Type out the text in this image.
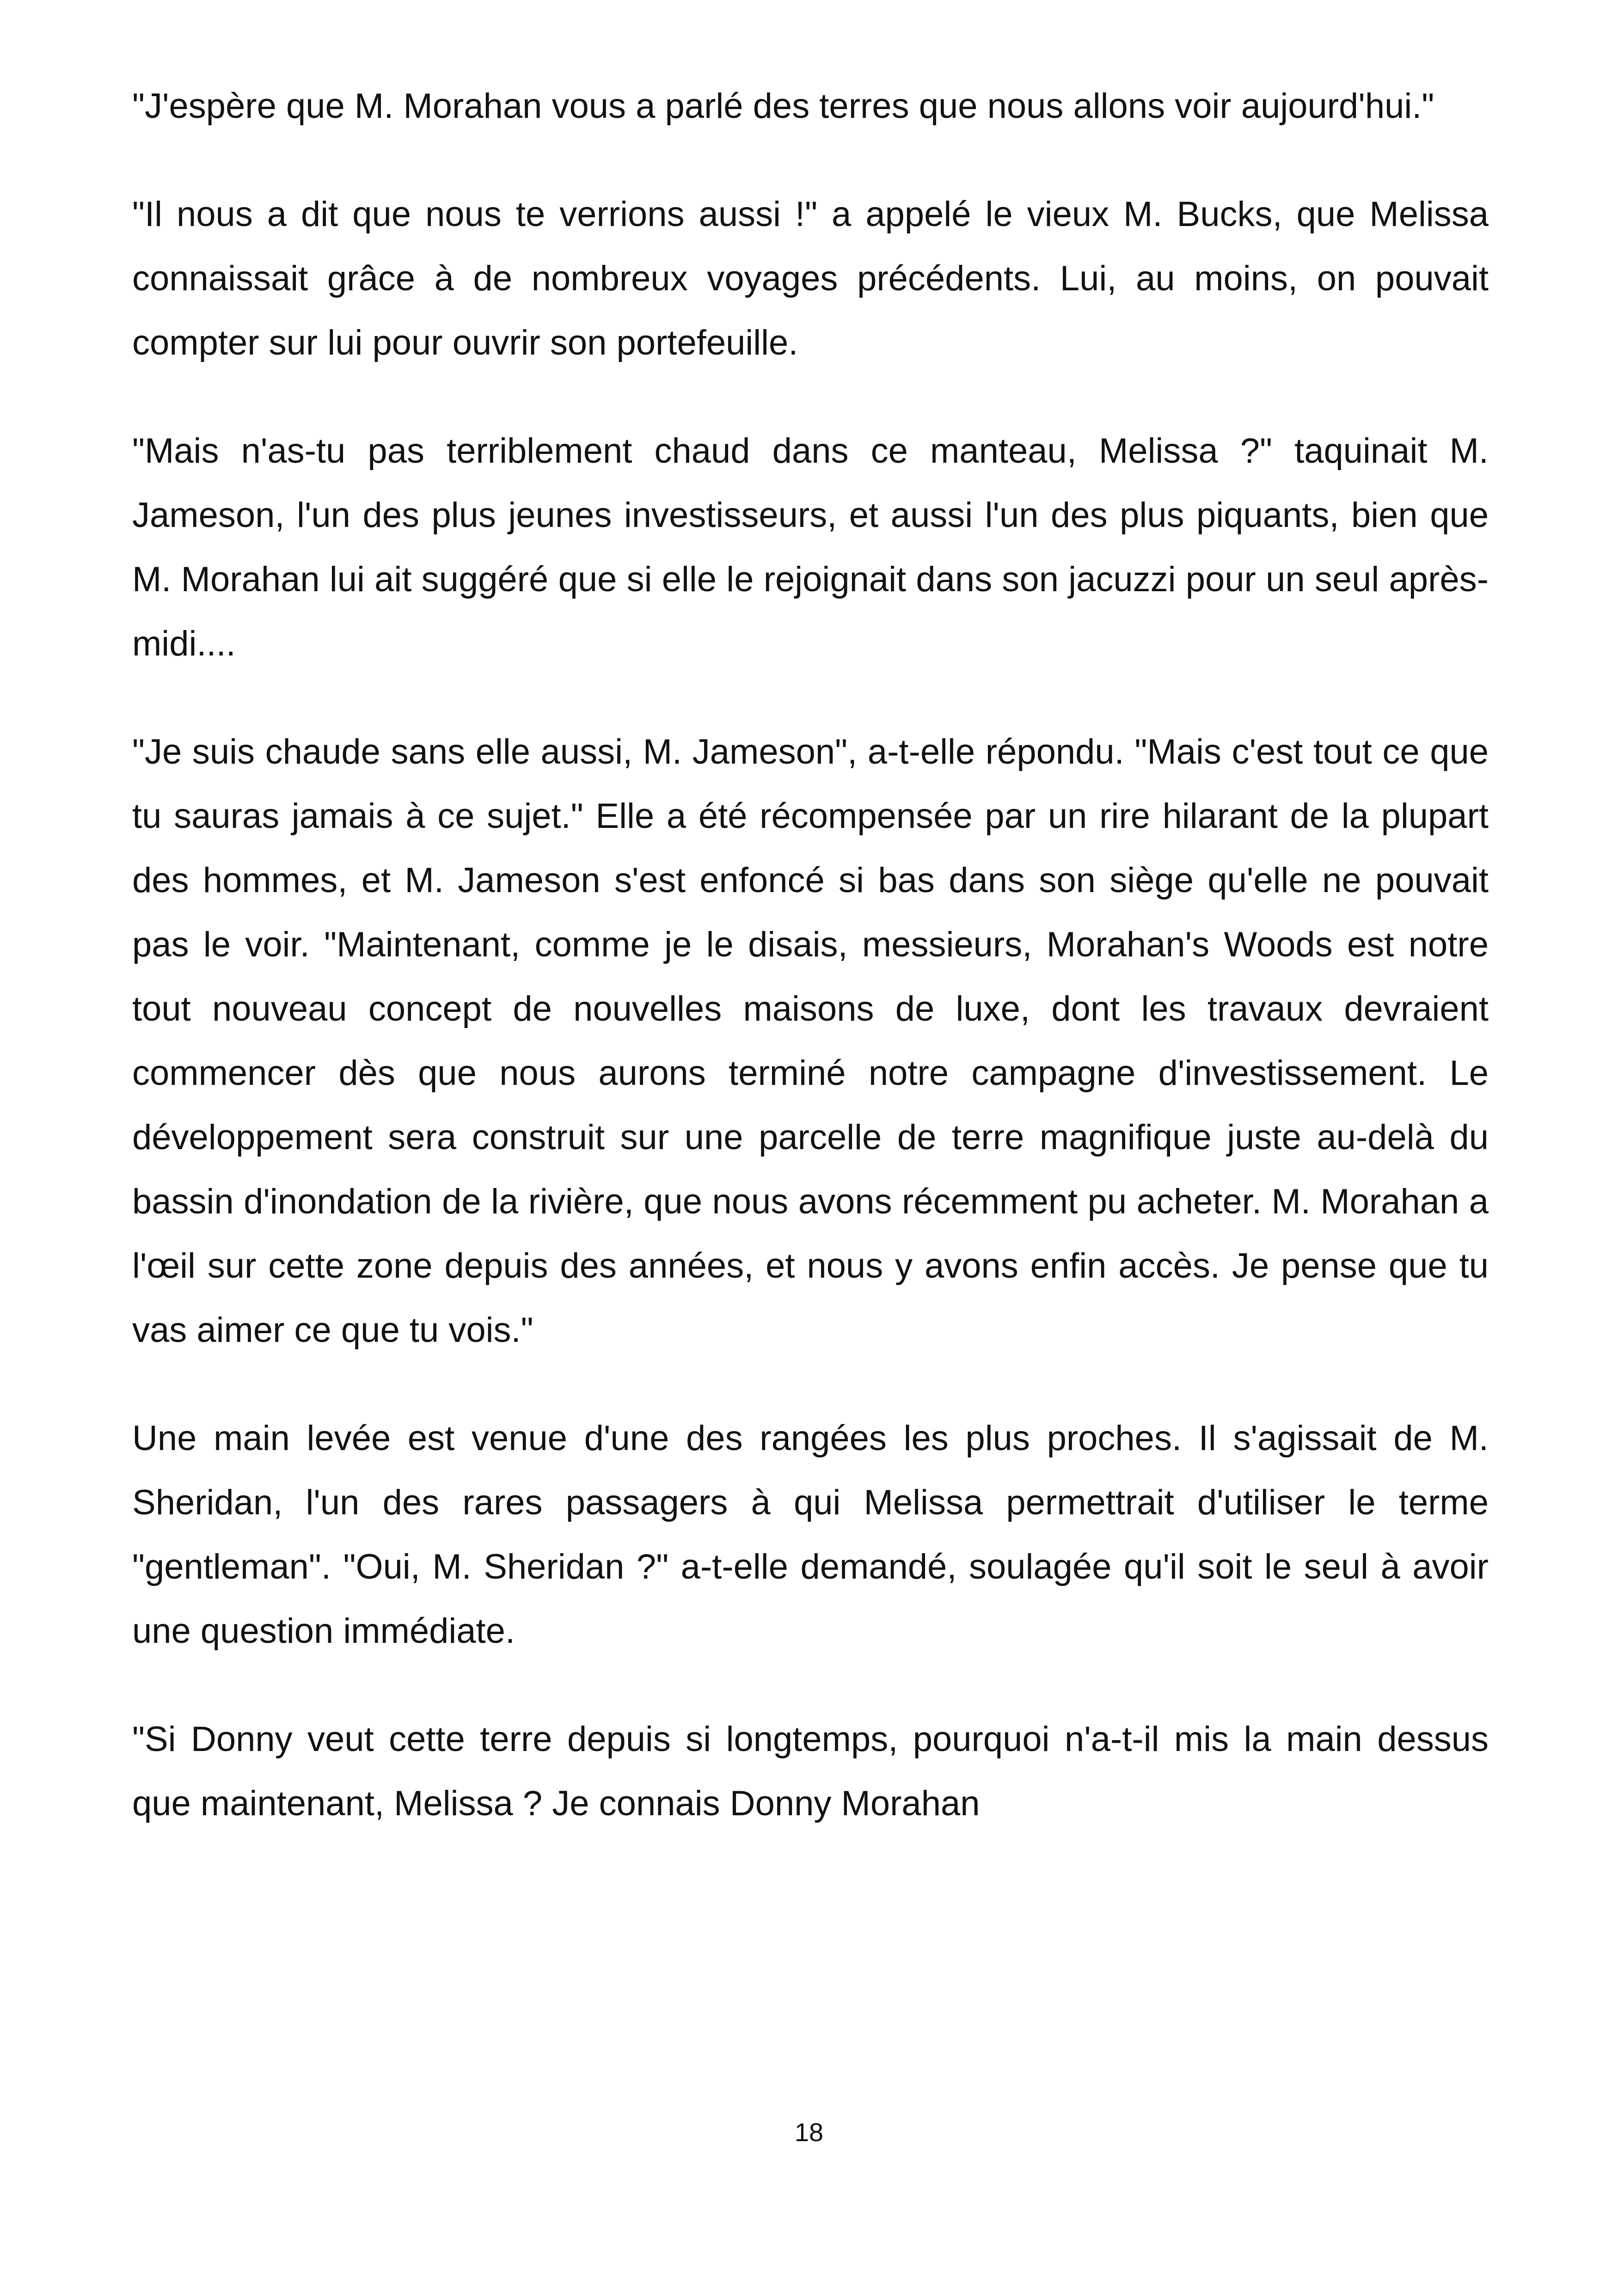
"J'espère que M. Morahan vous a parlé des terres que nous allons voir aujourd'hui."

"Il nous a dit que nous te verrions aussi !" a appelé le vieux M. Bucks, que Melissa connaissait grâce à de nombreux voyages précédents. Lui, au moins, on pouvait compter sur lui pour ouvrir son portefeuille.

"Mais n'as-tu pas terriblement chaud dans ce manteau, Melissa ?" taquinait M. Jameson, l'un des plus jeunes investisseurs, et aussi l'un des plus piquants, bien que M. Morahan lui ait suggéré que si elle le rejoignait dans son jacuzzi pour un seul après-midi....

"Je suis chaude sans elle aussi, M. Jameson", a-t-elle répondu. "Mais c'est tout ce que tu sauras jamais à ce sujet." Elle a été récompensée par un rire hilarant de la plupart des hommes, et M. Jameson s'est enfoncé si bas dans son siège qu'elle ne pouvait pas le voir. "Maintenant, comme je le disais, messieurs, Morahan's Woods est notre tout nouveau concept de nouvelles maisons de luxe, dont les travaux devraient commencer dès que nous aurons terminé notre campagne d'investissement. Le développement sera construit sur une parcelle de terre magnifique juste au-delà du bassin d'inondation de la rivière, que nous avons récemment pu acheter. M. Morahan a l'œil sur cette zone depuis des années, et nous y avons enfin accès. Je pense que tu vas aimer ce que tu vois."

Une main levée est venue d'une des rangées les plus proches. Il s'agissait de M. Sheridan, l'un des rares passagers à qui Melissa permettrait d'utiliser le terme "gentleman". "Oui, M. Sheridan ?" a-t-elle demandé, soulagée qu'il soit le seul à avoir une question immédiate.

"Si Donny veut cette terre depuis si longtemps, pourquoi n'a-t-il mis la main dessus que maintenant, Melissa ? Je connais Donny Morahan

18
